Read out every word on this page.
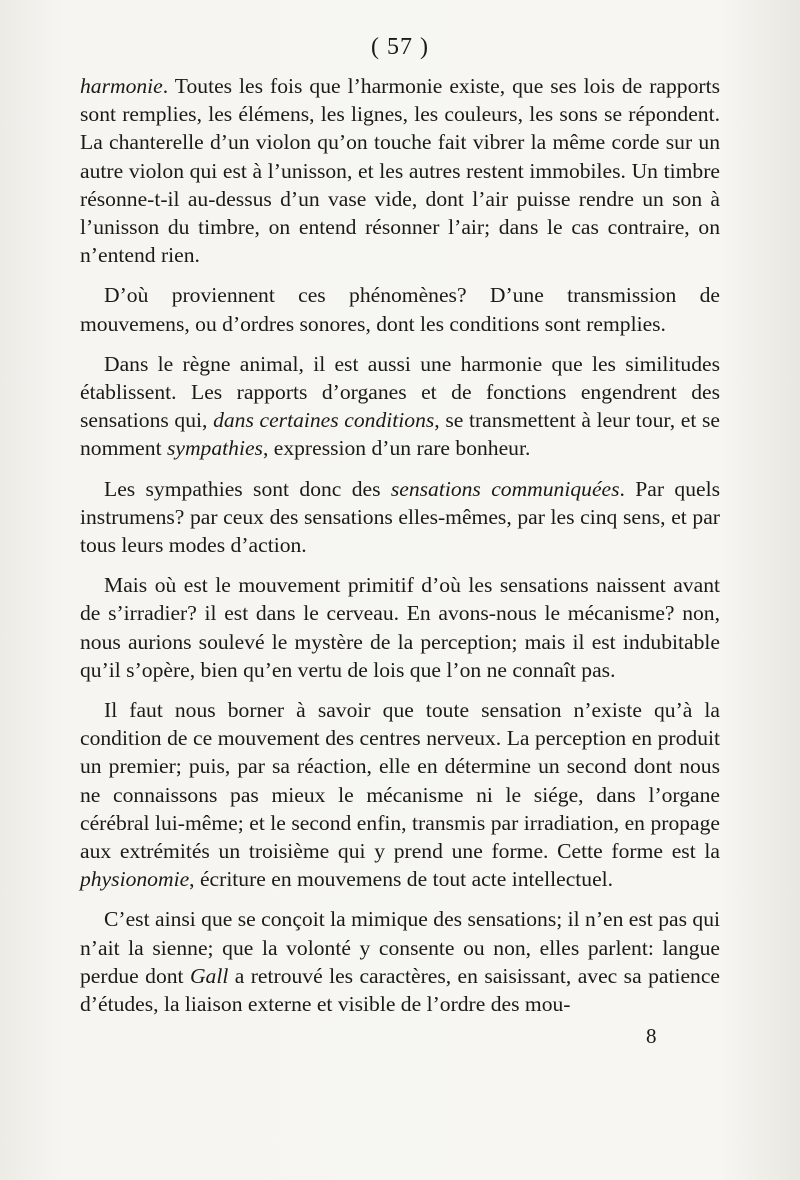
( 57 )

harmonie. Toutes les fois que l’harmonie existe, que ses lois de rapports sont remplies, les élémens, les lignes, les couleurs, les sons se répondent. La chanterelle d’un violon qu’on touche fait vibrer la même corde sur un autre violon qui est à l’unisson, et les autres restent immobiles. Un timbre résonne-t-il au-dessus d’un vase vide, dont l’air puisse rendre un son à l’unisson du timbre, on entend résonner l’air; dans le cas contraire, on n’entend rien.

D’où proviennent ces phénomènes? D’une transmission de mouvemens, ou d’ordres sonores, dont les conditions sont remplies.

Dans le règne animal, il est aussi une harmonie que les similitudes établissent. Les rapports d’organes et de fonctions engendrent des sensations qui, dans certaines conditions, se transmettent à leur tour, et se nomment sympathies, expression d’un rare bonheur.

Les sympathies sont donc des sensations communiquées. Par quels instrumens? par ceux des sensations elles-mêmes, par les cinq sens, et par tous leurs modes d’action.

Mais où est le mouvement primitif d’où les sensations naissent avant de s’irradier? il est dans le cerveau. En avons-nous le mécanisme? non, nous aurions soulevé le mystère de la perception; mais il est indubitable qu’il s’opère, bien qu’en vertu de lois que l’on ne connaît pas.

Il faut nous borner à savoir que toute sensation n’existe qu’à la condition de ce mouvement des centres nerveux. La perception en produit un premier; puis, par sa réaction, elle en détermine un second dont nous ne connaissons pas mieux le mécanisme ni le siége, dans l’organe cérébral lui-même; et le second enfin, transmis par irradiation, en propage aux extrémités un troisième qui y prend une forme. Cette forme est la physionomie, écriture en mouvemens de tout acte intellectuel.

C’est ainsi que se conçoit la mimique des sensations; il n’en est pas qui n’ait la sienne; que la volonté y consente ou non, elles parlent: langue perdue dont Gall a retrouvé les caractères, en saisissant, avec sa patience d’études, la liaison externe et visible de l’ordre des mou-

8
